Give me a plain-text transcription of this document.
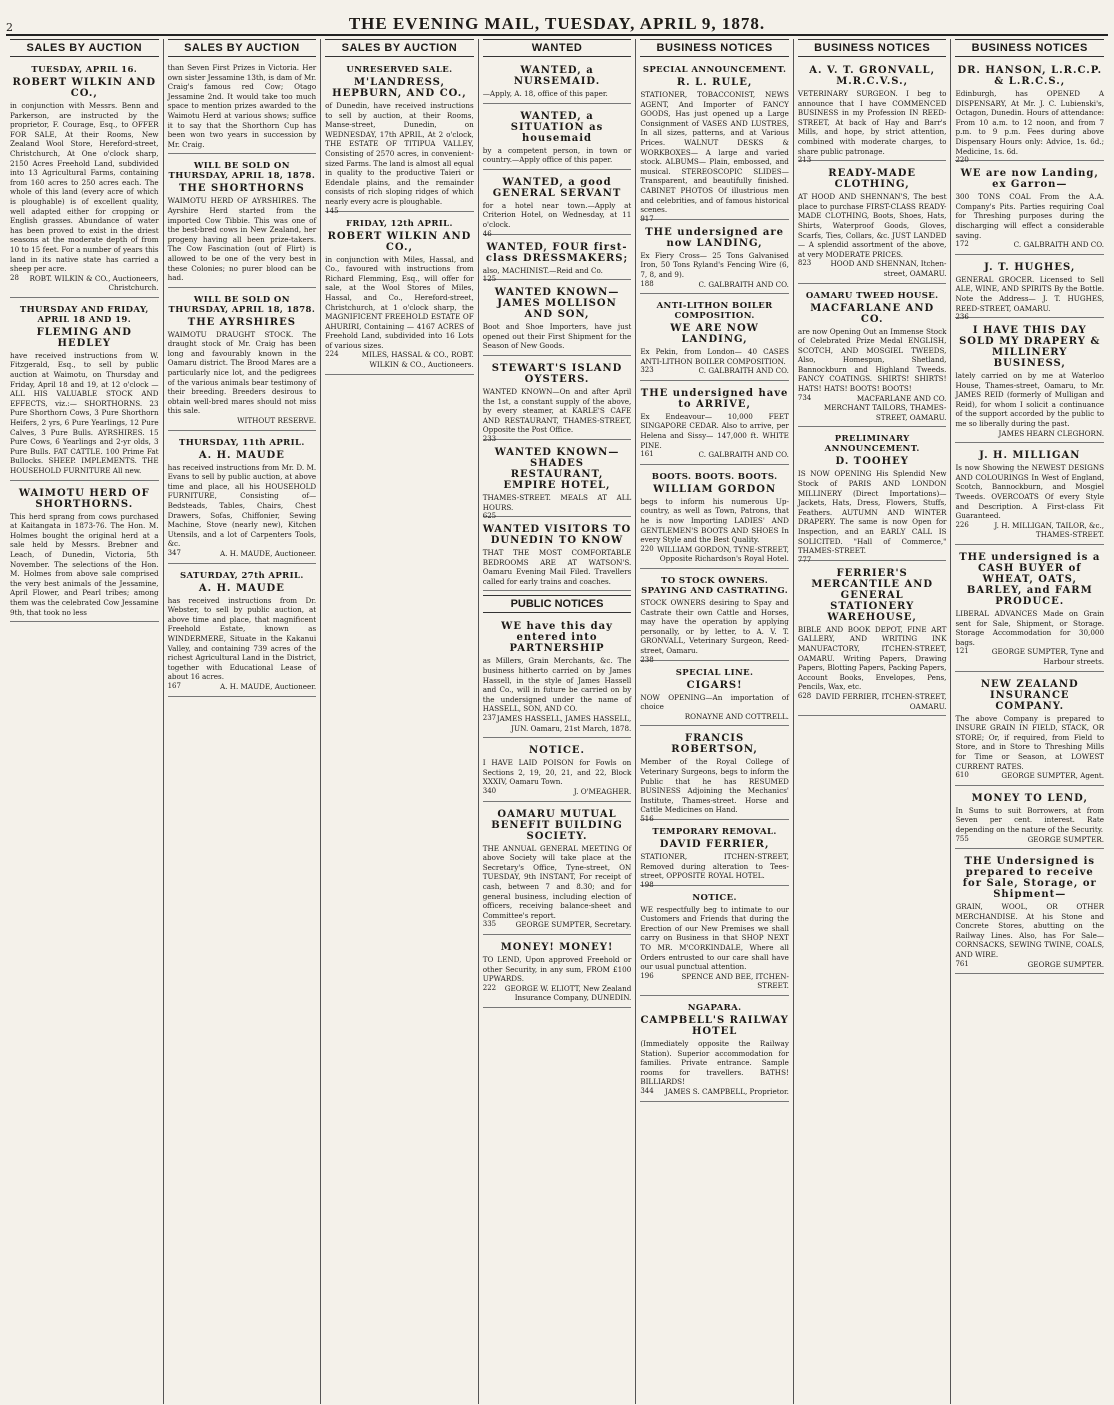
2	THE EVENING MAIL, TUESDAY, APRIL 9, 1878.
SALES BY AUCTION
TUESDAY, APRIL 16.
ROBERT WILKIN AND CO.,

in conjunction with Messrs. Benn and Parkerson, are instructed by the proprietor, F. Courage, Esq., to OFFER FOR SALE, At their Rooms, New Zealand Wool Store, Hereford-street, Christchurch, At One o'clock sharp, 2150 Acres Freehold Land, subdivided into 13 Agricultural Farms, containing from 160 acres to 250 acres each. The whole of this land (every acre of which is ploughable) is of excellent quality, well adapted either for cropping or English grasses. Abundance of water has been proved to exist in the driest seasons at the moderate depth of from 10 to 15 feet. For a number of years this land in its native state has carried a sheep per acre.

28 ROBT. WILKIN & CO., Auctioneers, Christchurch.
THURSDAY AND FRIDAY, APRIL 18 AND 19.
FLEMING AND HEDLEY

have received instructions from W. Fitzgerald, Esq., to sell by public auction at Waimotu, on Thursday and Friday, April 18 and 19, at 12 o'clock — ALL HIS VALUABLE STOCK AND EFFECTS, viz.:— SHORTHORNS. 23 Pure Shorthorn Cows, 3 Pure Shorthorn Heifers, 2 yrs, 6 Pure Yearlings, 12 Pure Calves, 3 Pure Bulls. AYRSHIRES. 15 Pure Cows, 6 Yearlings and 2-yr olds, 3 Pure Bulls. FAT CATTLE. 100 Prime Fat Bullocks. SHEEP. IMPLEMENTS. THE HOUSEHOLD FURNITURE All new.

WAIMOTU HERD OF SHORTHORNS.

This herd sprang from cows purchased at Kaitangata in 1873-76. The Hon. M. Holmes bought the original herd at a sale held by Messrs. Brebner and Leach, of Dunedin, Victoria, 5th November. The selections of the Hon. M. Holmes from above sale comprised the very best animals of the Jessamine, April Flower, and Pearl tribes; among them was the celebrated Cow Jessamine 9th, that took no less

SALES BY AUCTION

than Seven First Prizes in Victoria. Her own sister Jessamine 13th, is dam of Mr. Craig's famous red Cow; Otago Jessamine 2nd. It would take too much space to mention prizes awarded to the Waimotu Herd at various shows; suffice it to say that the Shorthorn Cup has been won two years in succession by Mr. Craig.

WILL BE SOLD ON THURSDAY, APRIL 18, 1878.
THE SHORTHORNS

WAIMOTU HERD OF AYRSHIRES. The Ayrshire Herd started from the imported Cow Tibbie. This was one of the best-bred cows in New Zealand, her progeny having all been prize-takers. The Cow Fascination (out of Flirt) is allowed to be one of the very best in these Colonies; no purer blood can be had.

WILL BE SOLD ON THURSDAY, APRIL 18, 1878.
THE AYRSHIRES

WAIMOTU DRAUGHT STOCK. The draught stock of Mr. Craig has been long and favourably known in the Oamaru district. The Brood Mares are a particularly nice lot, and the pedigrees of the various animals bear testimony of their breeding. Breeders desirous to obtain well-bred mares should not miss this sale.

WITHOUT RESERVE.
THURSDAY, 11th APRIL.
A. H. MAUDE

has received instructions from Mr. D. M. Evans to sell by public auction, at above time and place, all his HOUSEHOLD FURNITURE, Consisting of— Bedsteads, Tables, Chairs, Chest Drawers, Sofas, Chiffonier, Sewing Machine, Stove (nearly new), Kitchen Utensils, and a lot of Carpenters Tools, &c.

347	A. H. MAUDE, Auctioneer.
SATURDAY, 27th APRIL.
A. H. MAUDE

has received instructions from Dr. Webster, to sell by public auction, at above time and place, that magnificent Freehold Estate, known as WINDERMERE, Situate in the Kakanui Valley, and containing 739 acres of the richest Agricultural Land in the District, together with Educational Lease of about 16 acres.

167	A. H. MAUDE, Auctioneer.
SALES BY AUCTION
UNRESERVED SALE.
M'LANDRESS, HEPBURN, AND CO.,

of Dunedin, have received instructions to sell by auction, at their Rooms, Manse-street, Dunedin, on WEDNESDAY, 17th APRIL, At 2 o'clock, THE ESTATE OF TITIPUA VALLEY, Consisting of 2570 acres, in convenient-sized Farms. The land is almost all equal in quality to the productive Taieri or Edendale plains, and the remainder consists of rich sloping ridges of which nearly every acre is ploughable.

145
FRIDAY, 12th APRIL.
ROBERT WILKIN AND CO.,

in conjunction with Miles, Hassal, and Co., favoured with instructions from Richard Flemming, Esq., will offer for sale, at the Wool Stores of Miles, Hassal, and Co., Hereford-street, Christchurch, at 1 o'clock sharp, the MAGNIFICENT FREEHOLD ESTATE OF AHURIRI, Containing — 4167 ACRES of Freehold Land, subdivided into 16 Lots of various sizes.

224	MILES, HASSAL & CO., ROBT. WILKIN & CO., Auctioneers.
WANTED
WANTED, a NURSEMAID.

—Apply, A. 18, office of this paper.

WANTED, a SITUATION as housemaid

by a competent person, in town or country.—Apply office of this paper.

WANTED, a good GENERAL SERVANT

for a hotel near town.—Apply at Criterion Hotel, on Wednesday, at 11 o'clock.

46
WANTED, FOUR first-class DRESSMAKERS;

also, MACHINIST.—Reid and Co.

125
WANTED KNOWN—JAMES MOLLISON AND SON,

Boot and Shoe Importers, have just opened out their First Shipment for the Season of New Goods.

STEWART'S ISLAND OYSTERS.

WANTED KNOWN—On and after April the 1st, a constant supply of the above, by every steamer, at KARLE'S CAFE AND RESTAURANT, THAMES-STREET, Opposite the Post Office.

233
WANTED KNOWN— SHADES RESTAURANT, EMPIRE HOTEL,

THAMES-STREET. MEALS AT ALL HOURS.

625
WANTED VISITORS TO DUNEDIN TO KNOW

THAT THE MOST COMFORTABLE BEDROOMS ARE AT WATSON'S. Oamaru Evening Mail Filed. Travellers called for early trains and coaches.

PUBLIC NOTICES
WE have this day entered into PARTNERSHIP

as Millers, Grain Merchants, &c. The business hitherto carried on by James Hassell, in the style of James Hassell and Co., will in future be carried on by the undersigned under the name of HASSELL, SON, AND CO.

237 JAMES HASSELL, JAMES HASSELL, JUN. Oamaru, 21st March, 1878.
NOTICE.

I HAVE LAID POISON for Fowls on Sections 2, 19, 20, 21, and 22, Block XXXIV, Oamaru Town.

340	J. O'MEAGHER.
OAMARU MUTUAL BENEFIT BUILDING SOCIETY.

THE ANNUAL GENERAL MEETING Of above Society will take place at the Secretary's Office, Tyne-street, ON TUESDAY, 9th INSTANT, For receipt of cash, between 7 and 8.30; and for general business, including election of officers, receiving balance-sheet and Committee's report.

335	GEORGE SUMPTER, Secretary.
MONEY! MONEY!

TO LEND, Upon approved Freehold or other Security, in any sum, FROM £100 UPWARDS.

222 GEORGE W. ELIOTT, New Zealand Insurance Company, DUNEDIN.
BUSINESS NOTICES
SPECIAL ANNOUNCEMENT.
R. L. RULE,

STATIONER, TOBACCONIST, NEWS AGENT, And Importer of FANCY GOODS, Has just opened up a Large Consignment of VASES AND LUSTRES, In all sizes, patterns, and at Various Prices. WALNUT DESKS & WORKBOXES— A large and varied stock. ALBUMS— Plain, embossed, and musical. STEREOSCOPIC SLIDES— Transparent, and beautifully finished. CABINET PHOTOS Of illustrious men and celebrities, and of famous historical scenes.

917
THE undersigned are now LANDING,

Ex Fiery Cross— 25 Tons Galvanised Iron, 50 Tons Ryland's Fencing Wire (6, 7, 8, and 9).

188	C. GALBRAITH AND CO.
ANTI-LITHON BOILER COMPOSITION.
WE ARE NOW LANDING,

Ex Pekin, from London— 40 CASES ANTI-LITHON BOILER COMPOSITION.

323	C. GALBRAITH AND CO.
THE undersigned have to ARRIVE,

Ex Endeavour— 10,000 FEET SINGAPORE CEDAR. Also to arrive, per Helena and Sissy— 147,000 ft. WHITE PINE.

161	C. GALBRAITH AND CO.
BOOTS. BOOTS. BOOTS.
WILLIAM GORDON

begs to inform his numerous Up-country, as well as Town, Patrons, that he is now Importing LADIES' AND GENTLEMEN'S BOOTS AND SHOES In every Style and the Best Quality.

220 WILLIAM GORDON, TYNE-STREET, Opposite Richardson's Royal Hotel.
TO STOCK OWNERS. SPAYING AND CASTRATING.

STOCK OWNERS desiring to Spay and Castrate their own Cattle and Horses, may have the operation by applying personally, or by letter, to A. V. T. GRONVALL, Veterinary Surgeon, Reed-street, Oamaru.

238
SPECIAL LINE.
CIGARS!

NOW OPENING—An importation of choice

RONAYNE AND COTTRELL.
FRANCIS ROBERTSON,

Member of the Royal College of Veterinary Surgeons, begs to inform the Public that he has RESUMED BUSINESS Adjoining the Mechanics' Institute, Thames-street. Horse and Cattle Medicines on Hand.

516
TEMPORARY REMOVAL.
DAVID FERRIER,

STATIONER, ITCHEN-STREET, Removed during alteration to Tees-street, OPPOSITE ROYAL HOTEL.

198
NOTICE.

WE respectfully beg to intimate to our Customers and Friends that during the Erection of our New Premises we shall carry on Business in that SHOP NEXT TO MR. M'CORKINDALE, Where all Orders entrusted to our care shall have our usual punctual attention.

196	SPENCE AND BEE, ITCHEN-STREET.
NGAPARA.
CAMPBELL'S RAILWAY HOTEL

(Immediately opposite the Railway Station). Superior accommodation for families. Private entrance. Sample rooms for travellers. BATHS! BILLIARDS!

344 JAMES S. CAMPBELL, Proprietor.
BUSINESS NOTICES
A. V. T. GRONVALL, M.R.C.V.S.,

VETERINARY SURGEON. I beg to announce that I have COMMENCED BUSINESS in my Profession IN REED-STREET, At back of Hay and Barr's Mills, and hope, by strict attention, combined with moderate charges, to share public patronage.

213
READY-MADE CLOTHING,

AT HOOD AND SHENNAN'S, The best place to purchase FIRST-CLASS READY-MADE CLOTHING, Boots, Shoes, Hats, Shirts, Waterproof Goods, Gloves, Scarfs, Ties, Collars, &c. JUST LANDED— A splendid assortment of the above, at very MODERATE PRICES.

823	HOOD AND SHENNAN, Itchen-street, OAMARU.
OAMARU TWEED HOUSE.
MACFARLANE AND CO.

are now Opening Out an Immense Stock of Celebrated Prize Medal ENGLISH, SCOTCH, AND MOSGIEL TWEEDS, Also, Homespun, Shetland, Bannockburn and Highland Tweeds. FANCY COATINGS. SHIRTS! SHIRTS! HATS! HATS! BOOTS! BOOTS!

734	MACFARLANE AND CO. MERCHANT TAILORS, THAMES-STREET, OAMARU.
PRELIMINARY ANNOUNCEMENT.
D. TOOHEY

IS NOW OPENING His Splendid New Stock of PARIS AND LONDON MILLINERY (Direct Importations)— Jackets, Hats, Dress, Flowers, Stuffs, Feathers. AUTUMN AND WINTER DRAPERY. The same is now Open for Inspection, and an EARLY CALL IS SOLICITED. "Hall of Commerce," THAMES-STREET.

777
FERRIER'S MERCANTILE AND GENERAL STATIONERY WAREHOUSE,

BIBLE AND BOOK DEPOT, FINE ART GALLERY, AND WRITING INK MANUFACTORY, ITCHEN-STREET, OAMARU. Writing Papers, Drawing Papers, Blotting Papers, Packing Papers, Account Books, Envelopes, Pens, Pencils, Wax, etc.

628 DAVID FERRIER, ITCHEN-STREET, OAMARU.
BUSINESS NOTICES
DR. HANSON, L.R.C.P. & L.R.C.S.,

Edinburgh, has OPENED A DISPENSARY, At Mr. J. C. Lubienski's, Octagon, Dunedin. Hours of attendance: From 10 a.m. to 12 noon, and from 7 p.m. to 9 p.m. Fees during above Dispensary Hours only: Advice, 1s. 6d.; Medicine, 1s. 6d.

220
WE are now Landing, ex Garron—

300 TONS COAL From the A.A. Company's Pits. Parties requiring Coal for Threshing purposes during the discharging will effect a considerable saving.

172	C. GALBRAITH AND CO.
J. T. HUGHES,

GENERAL GROCER. Licensed to Sell ALE, WINE, AND SPIRITS By the Bottle. Note the Address— J. T. HUGHES, REED-STREET, OAMARU.

236
I HAVE THIS DAY SOLD MY DRAPERY & MILLINERY BUSINESS,

lately carried on by me at Waterloo House, Thames-street, Oamaru, to Mr. JAMES REID (formerly of Mulligan and Reid), for whom I solicit a continuance of the support accorded by the public to me so liberally during the past.

JAMES HEARN CLEGHORN.
J. H. MILLIGAN

Is now Showing the NEWEST DESIGNS AND COLOURINGS In West of England, Scotch, Bannockburn, and Mosgiel Tweeds. OVERCOATS Of every Style and Description. A First-class Fit Guaranteed.

226	J. H. MILLIGAN, TAILOR, &c., THAMES-STREET.
THE undersigned is a CASH BUYER of WHEAT, OATS, BARLEY, and FARM PRODUCE.

LIBERAL ADVANCES Made on Grain sent for Sale, Shipment, or Storage. Storage Accommodation for 30,000 bags.

121	GEORGE SUMPTER, Tyne and Harbour streets.
NEW ZEALAND INSURANCE COMPANY.

The above Company is prepared to INSURE GRAIN IN FIELD, STACK, OR STORE; Or, if required, from Field to Store, and in Store to Threshing Mills for Time or Season, at LOWEST CURRENT RATES.

610	GEORGE SUMPTER, Agent.
MONEY TO LEND,

In Sums to suit Borrowers, at from Seven per cent. interest. Rate depending on the nature of the Security.

755	GEORGE SUMPTER.
THE Undersigned is prepared to receive for Sale, Storage, or Shipment—

GRAIN, WOOL, OR OTHER MERCHANDISE. At his Stone and Concrete Stores, abutting on the Railway Lines. Also, has For Sale— CORNSACKS, SEWING TWINE, COALS, AND WIRE.

761	GEORGE SUMPTER.
